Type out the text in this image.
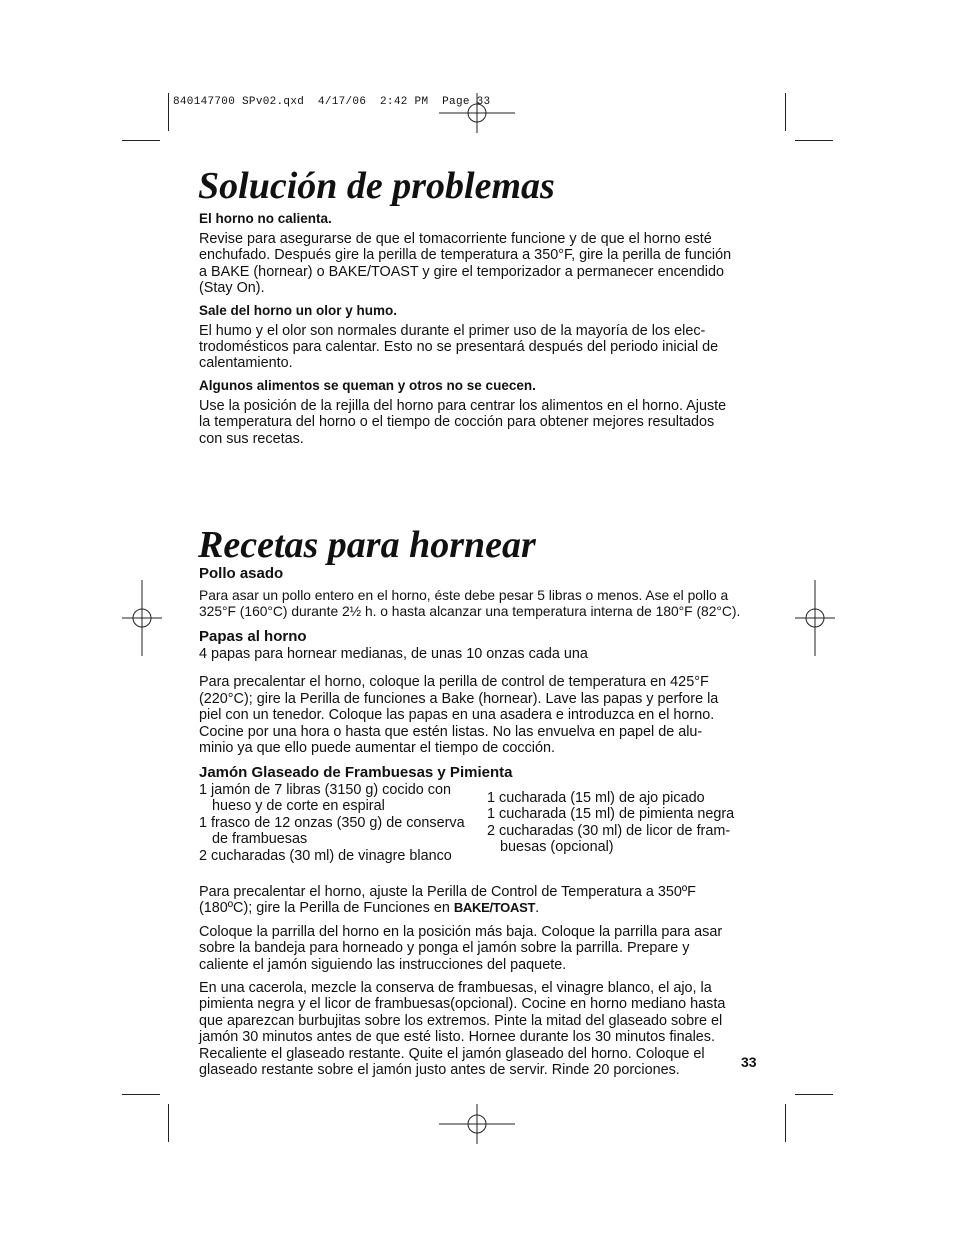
840147700 SPv02.qxd  4/17/06  2:42 PM  Page 33
Solución de problemas

El horno no calienta.

Revise para asegurarse de que el tomacorriente funcione y de que el horno esté
enchufado. Después gire la perilla de temperatura a 350°F, gire la perilla de función
a BAKE (hornear) o BAKE/TOAST y gire el temporizador a permanecer encendido
(Stay On).

Sale del horno un olor y humo.

El humo y el olor son normales durante el primer uso de la mayoría de los elec-
trodomésticos para calentar. Esto no se presentará después del periodo inicial de
calentamiento.

Algunos alimentos se queman y otros no se cuecen.

Use la posición de la rejilla del horno para centrar los alimentos en el horno. Ajuste
la temperatura del horno o el tiempo de cocción para obtener mejores resultados
con sus recetas.
Recetas para hornear

Pollo asado

Para asar un pollo entero en el horno, éste debe pesar 5 libras o menos. Ase el pollo a
325°F (160°C) durante 2½ h. o hasta alcanzar una temperatura interna de 180°F (82°C).

Papas al horno

4 papas para hornear medianas, de unas 10 onzas cada una
Para precalentar el horno, coloque la perilla de control de temperatura en 425°F
(220°C); gire la Perilla de funciones a Bake (hornear). Lave las papas y perfore la
piel con un tenedor. Coloque las papas en una asadera e introduzca en el horno.
Cocine por una hora o hasta que estén listas. No las envuelva en papel de alu-
minio ya que ello puede aumentar el tiempo de cocción.

Jamón Glaseado de Frambuesas y Pimienta

1 jamón de 7 libras (3150 g) cocido con hueso y de corte en espiral
1 frasco de 12 onzas (350 g) de conserva de frambuesas
2 cucharadas (30 ml) de vinagre blanco
1 cucharada (15 ml) de ajo picado
1 cucharada (15 ml) de pimienta negra
2 cucharadas (30 ml) de licor de fram-buesas (opcional)
Para precalentar el horno, ajuste la Perilla de Control de Temperatura a 350ºF
(180ºC); gire la Perilla de Funciones en BAKE/TOAST.
Coloque la parrilla del horno en la posición más baja. Coloque la parrilla para asar
sobre la bandeja para horneado y ponga el jamón sobre la parrilla. Prepare y
caliente el jamón siguiendo las instrucciones del paquete.
En una cacerola, mezcle la conserva de frambuesas, el vinagre blanco, el ajo, la
pimienta negra y el licor de frambuesas(opcional). Cocine en horno mediano hasta
que aparezcan burbujitas sobre los extremos. Pinte la mitad del glaseado sobre el
jamón 30 minutos antes de que esté listo. Hornee durante los 30 minutos finales.
Recaliente el glaseado restante. Quite el jamón glaseado del horno. Coloque el
glaseado restante sobre el jamón justo antes de servir. Rinde 20 porciones.
33
